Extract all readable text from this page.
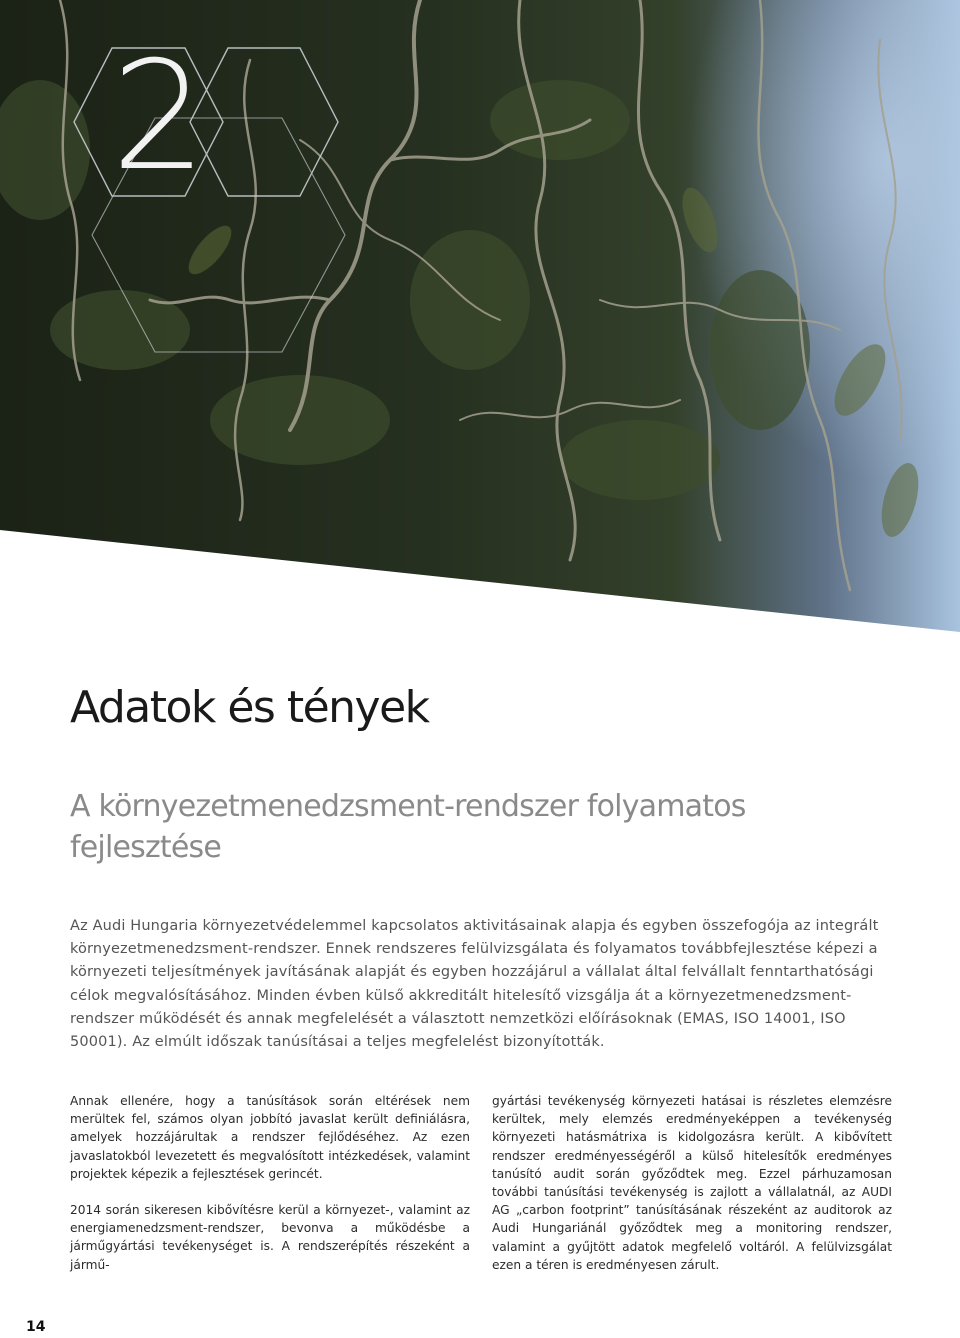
2
Adatok és tények
A környezetmenedzsment-rendszer folyamatos fejlesztése

Az Audi Hungaria környezetvédelemmel kapcsolatos aktivitásainak alapja és egyben összefogója az integrált környezetmenedzsment-rendszer. Ennek rendszeres felülvizsgálata és folyamatos továbbfejlesztése képezi a környezeti teljesítmények javításának alapját és egyben hozzájárul a vállalat által felvállalt fenntarthatósági célok megvalósításához. Minden évben külső akkreditált hitelesítő vizsgálja át a környezetmenedzsment-rendszer működését és annak megfelelését a választott nemzetközi előírásoknak (EMAS, ISO 14001, ISO 50001). Az elmúlt időszak tanúsításai a teljes megfelelést bizonyították.

Annak ellenére, hogy a tanúsítások során eltérések nem merültek fel, számos olyan jobbító javaslat került definiálásra, amelyek hozzájárultak a rendszer fejlődéséhez. Az ezen javaslatokból levezetett és megvalósított intézkedések, valamint projektek képezik a fejlesztések gerincét.

2014 során sikeresen kibővítésre kerül a környezet-, valamint az energiamenedzsment-rendszer, bevonva a működésbe a járműgyártási tevékenységet is. A rendszerépítés részeként a jármű-

gyártási tevékenység környezeti hatásai is részletes elemzésre kerültek, mely elemzés eredményeképpen a tevékenység környezeti hatásmátrixa is kidolgozásra került. A kibővített rendszer eredményességéről a külső hitelesítők eredményes tanúsító audit során győződtek meg. Ezzel párhuzamosan további tanúsítási tevékenység is zajlott a vállalatnál, az AUDI AG „carbon footprint” tanúsításának részeként az auditorok az Audi Hungariánál győződtek meg a monitoring rendszer, valamint a gyűjtött adatok megfelelő voltáról. A felülvizsgálat ezen a téren is eredményesen zárult.

14
